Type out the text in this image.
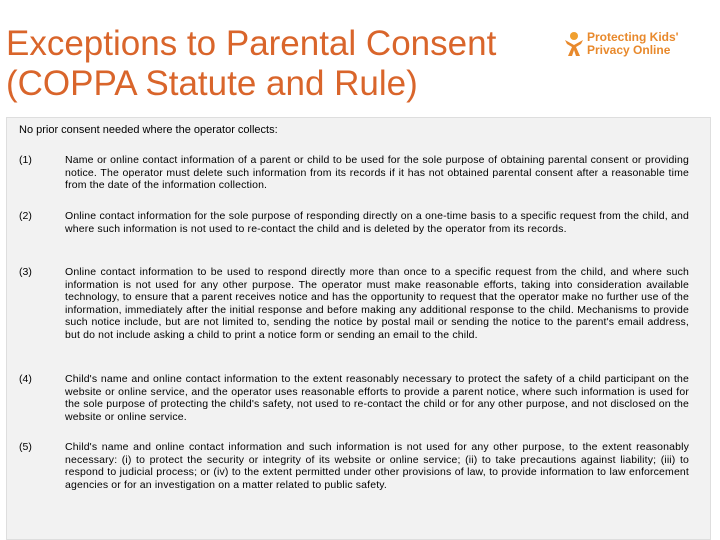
Exceptions to Parental Consent
(COPPA Statute and Rule)
Protecting Kids'
Privacy Online
No prior consent needed where the operator collects:
(1)	Name or online contact information of a parent or child to be used for the sole purpose of obtaining parental consent or providing notice. The operator must delete such information from its records if it has not obtained parental consent after a reasonable time from the date of the information collection.
(2)	Online contact information for the sole purpose of responding directly on a one-time basis to a specific request from the child, and where such information is not used to re-contact the child and is deleted by the operator from its records.
(3)	Online contact information to be used to respond directly more than once to a specific request from the child, and where such information is not used for any other purpose. The operator must make reasonable efforts, taking into consideration available technology, to ensure that a parent receives notice and has the opportunity to request that the operator make no further use of the information, immediately after the initial response and before making any additional response to the child. Mechanisms to provide such notice include, but are not limited to, sending the notice by postal mail or sending the notice to the parent's email address, but do not include asking a child to print a notice form or sending an email to the child.
(4)	Child's name and online contact information to the extent reasonably necessary to protect the safety of a child participant on the website or online service, and the operator uses reasonable efforts to provide a parent notice, where such information is used for the sole purpose of protecting the child's safety, not used to re-contact the child or for any other purpose, and not disclosed on the website or online service.
(5)	Child's name and online contact information and such information is not used for any other purpose, to the extent reasonably necessary: (i) to protect the security or integrity of its website or online service; (ii) to take precautions against liability; (iii) to respond to judicial process; or (iv) to the extent permitted under other provisions of law, to provide information to law enforcement agencies or for an investigation on a matter related to public safety.
